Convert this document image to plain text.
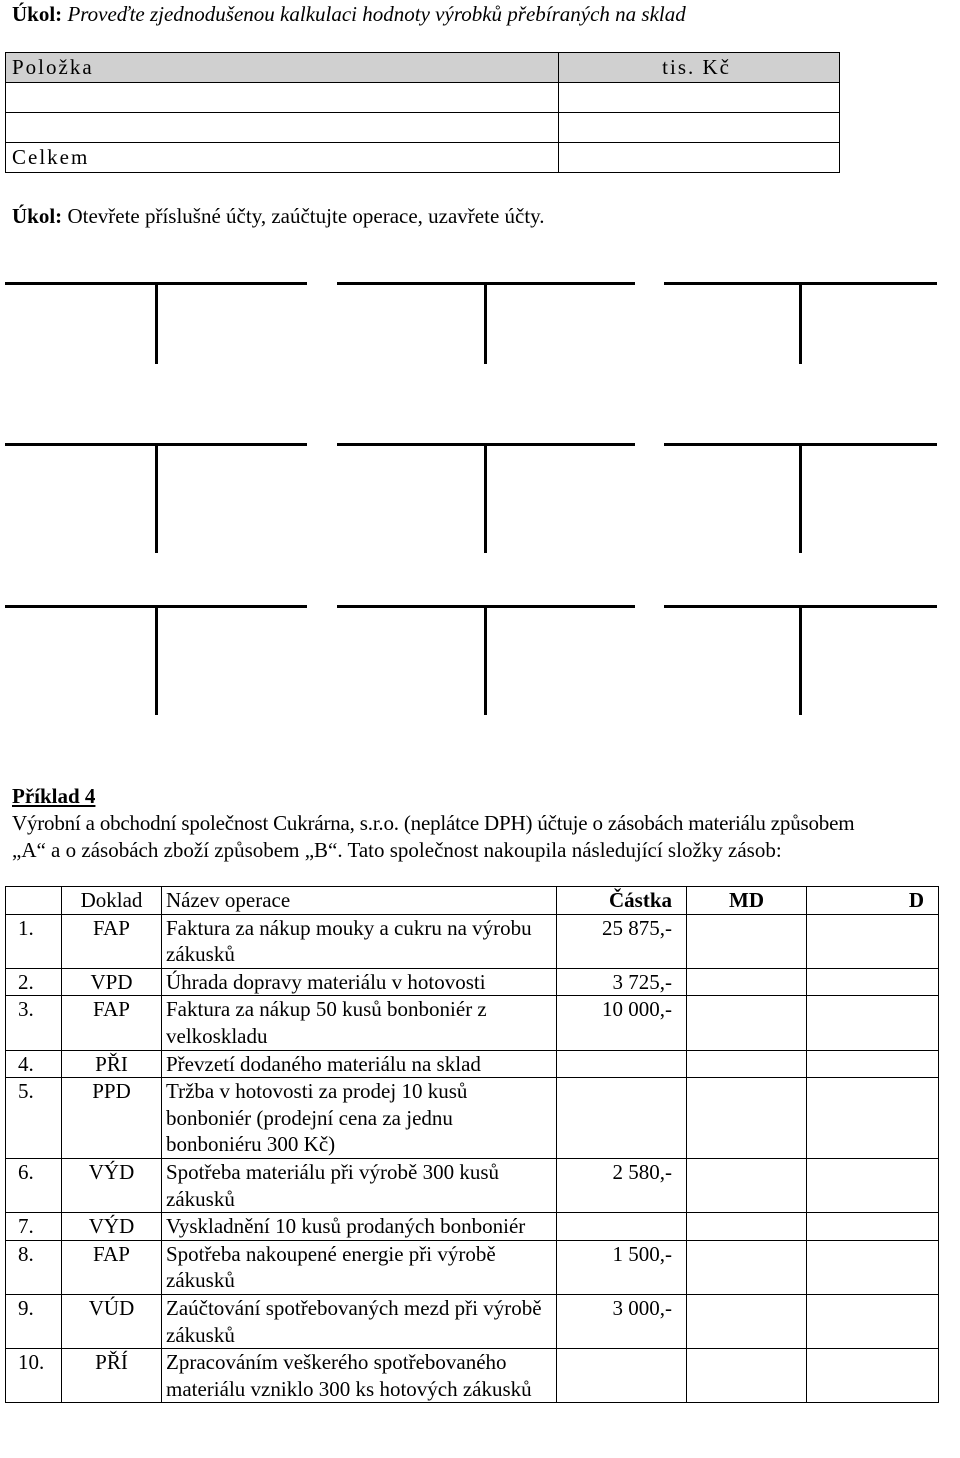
Úkol: Proveďte zjednodušenou kalkulaci hodnoty výrobků přebíraných na sklad
Položka	tis. Kč

Celkem	
Úkol: Otevřete příslušné účty, zaúčtujte operace, uzavřete účty.
Příklad 4
Výrobní a obchodní společnost Cukrárna, s.r.o. (neplátce DPH) účtuje o zásobách materiálu způsobem
„A“ a o zásobách zboží způsobem „B“. Tato společnost nakoupila následující složky zásob:
	Doklad	Název operace	Částka	MD	D
1.	FAP	Faktura za nákup mouky a cukru na výrobu zákusků	25 875,-		
2.	VPD	Úhrada dopravy materiálu v hotovosti	3 725,-		
3.	FAP	Faktura za nákup 50 kusů bonboniér z velkoskladu	10 000,-		
4.	PŘI	Převzetí dodaného materiálu na sklad			
5.	PPD	Tržba v hotovosti za prodej 10 kusů bonboniér (prodejní cena za jednu bonboniéru 300 Kč)			
6.	VÝD	Spotřeba materiálu při výrobě 300 kusů zákusků	2 580,-		
7.	VÝD	Vyskladnění 10 kusů prodaných bonboniér			
8.	FAP	Spotřeba nakoupené energie při výrobě zákusků	1 500,-		
9.	VÚD	Zaúčtování spotřebovaných mezd při výrobě zákusků	3 000,-		
10.	PŘÍ	Zpracováním veškerého spotřebovaného materiálu vzniklo 300 ks hotových zákusků			
